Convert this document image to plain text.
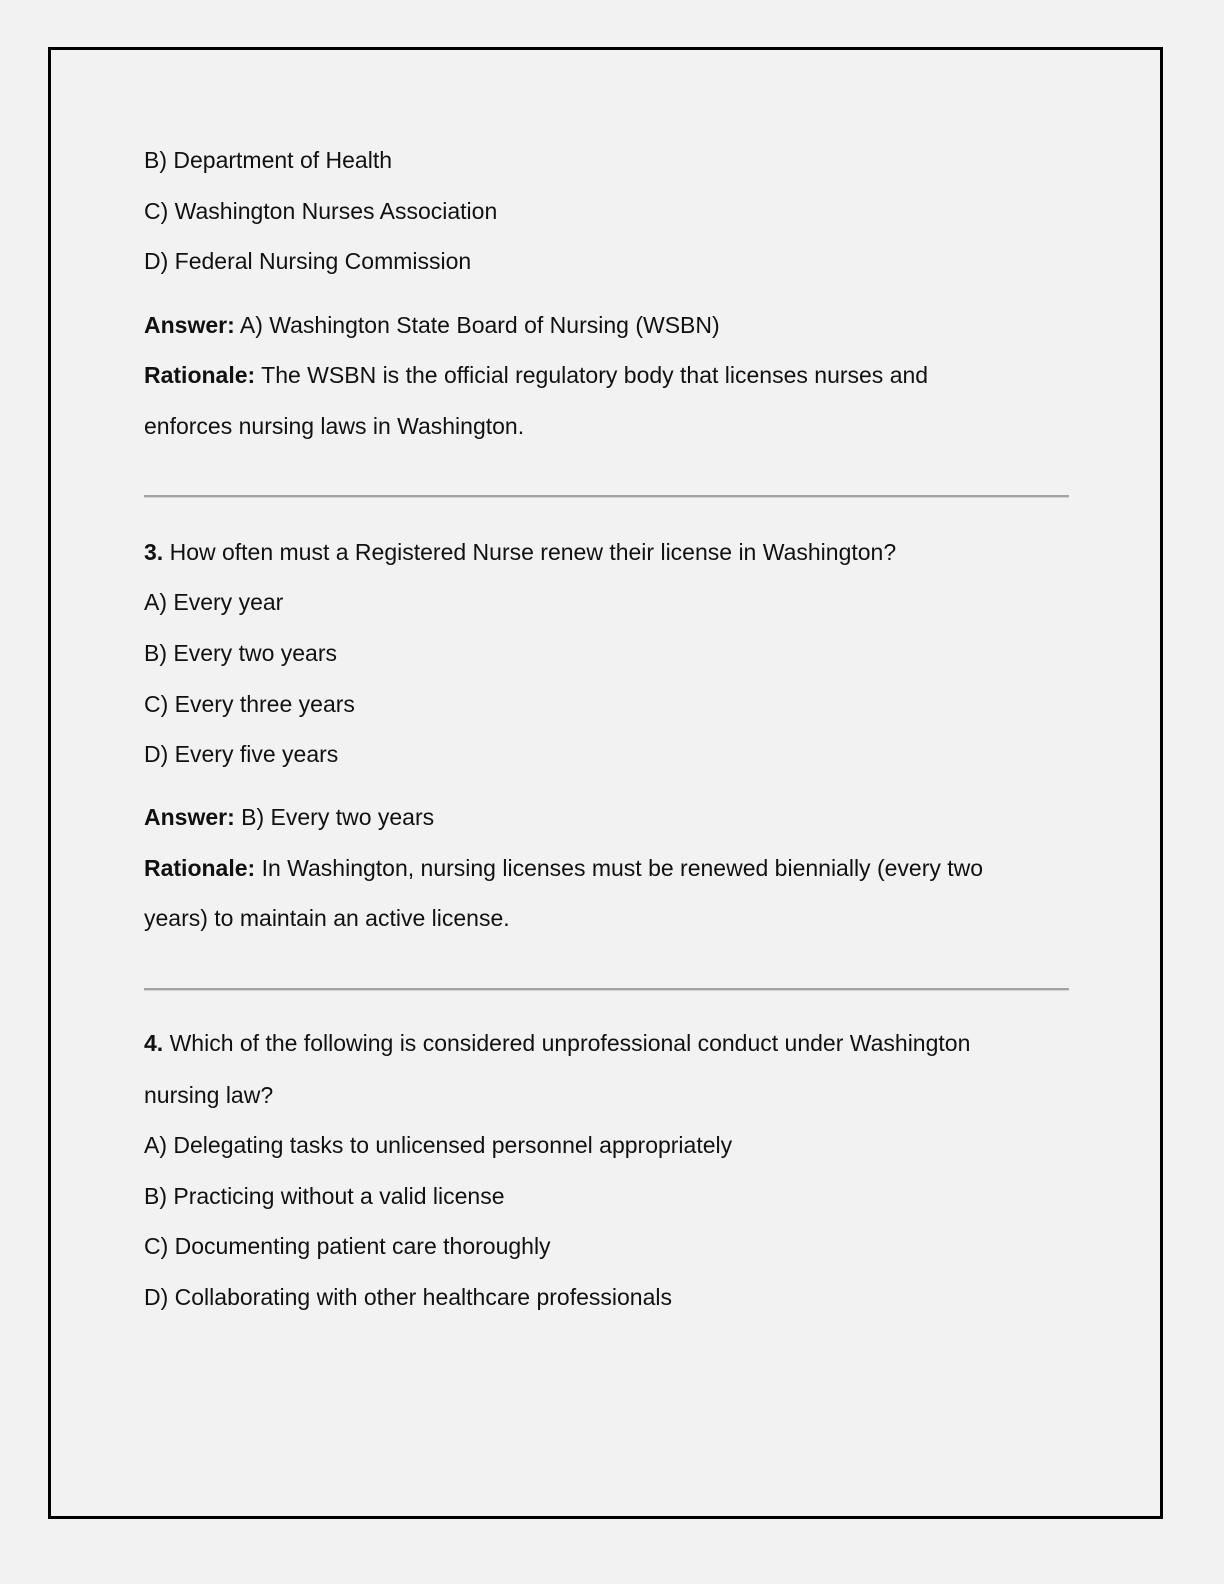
B) Department of Health
C) Washington Nurses Association
D) Federal Nursing Commission
Answer: A) Washington State Board of Nursing (WSBN)
Rationale: The WSBN is the official regulatory body that licenses nurses and
enforces nursing laws in Washington.
3. How often must a Registered Nurse renew their license in Washington?
A) Every year
B) Every two years
C) Every three years
D) Every five years
Answer: B) Every two years
Rationale: In Washington, nursing licenses must be renewed biennially (every two
years) to maintain an active license.
4. Which of the following is considered unprofessional conduct under Washington
nursing law?
A) Delegating tasks to unlicensed personnel appropriately
B) Practicing without a valid license
C) Documenting patient care thoroughly
D) Collaborating with other healthcare professionals
